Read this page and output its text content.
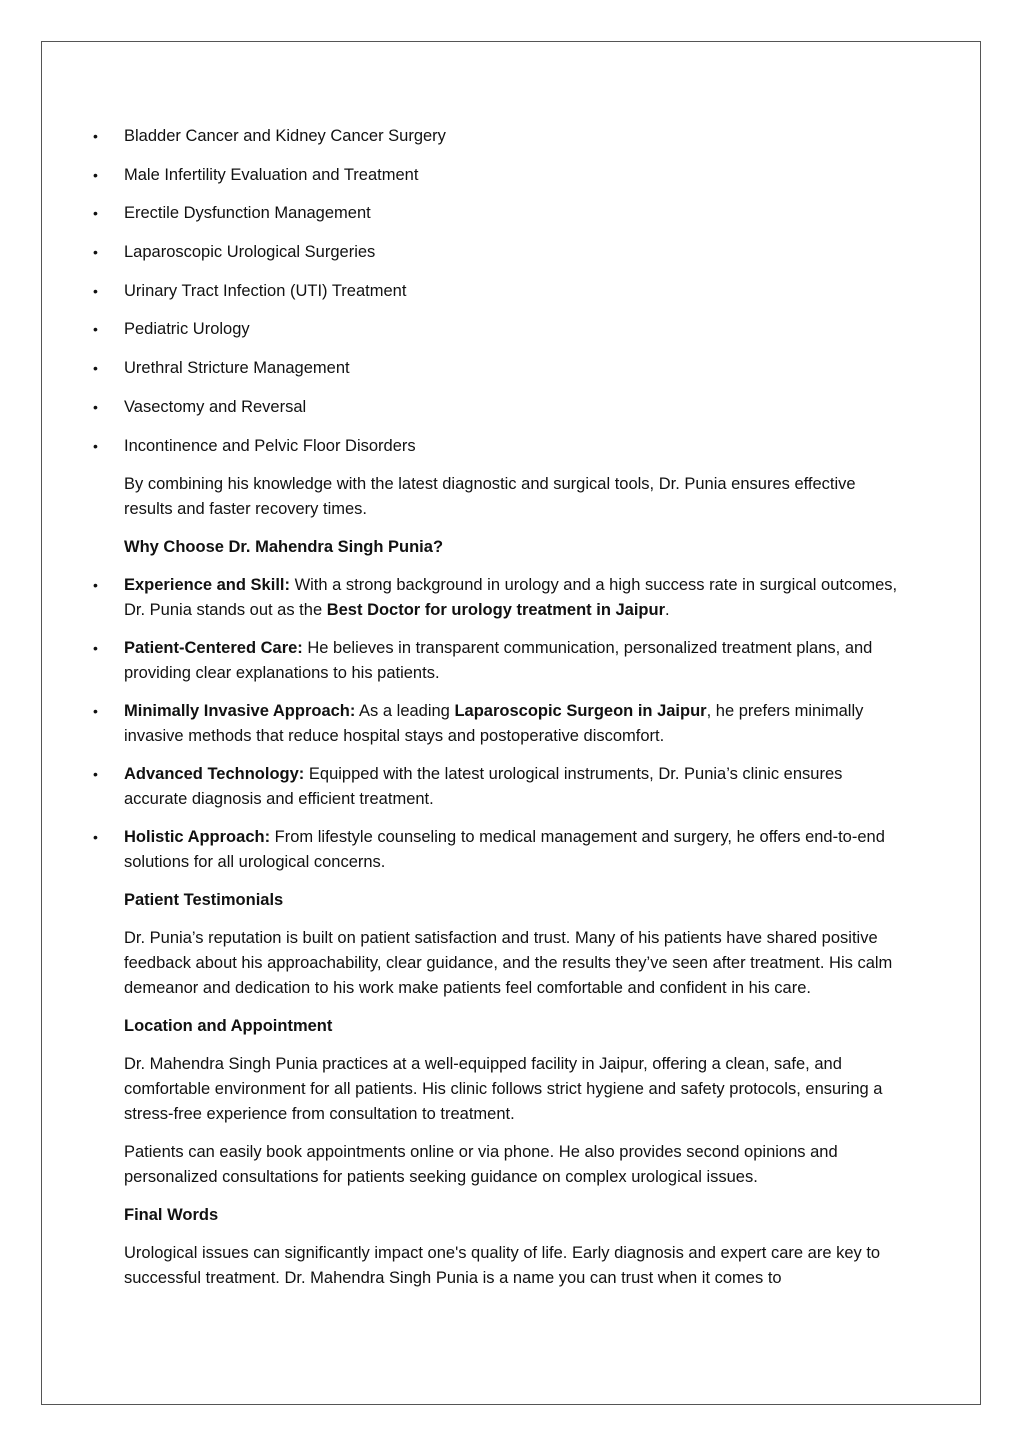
• Bladder Cancer and Kidney Cancer Surgery
• Male Infertility Evaluation and Treatment
• Erectile Dysfunction Management
• Laparoscopic Urological Surgeries
• Urinary Tract Infection (UTI) Treatment
• Pediatric Urology
• Urethral Stricture Management
• Vasectomy and Reversal
• Incontinence and Pelvic Floor Disorders

By combining his knowledge with the latest diagnostic and surgical tools, Dr. Punia ensures effective results and faster recovery times.

Why Choose Dr. Mahendra Singh Punia?

• Experience and Skill: With a strong background in urology and a high success rate in surgical outcomes, Dr. Punia stands out as the Best Doctor for urology treatment in Jaipur.
• Patient-Centered Care: He believes in transparent communication, personalized treatment plans, and providing clear explanations to his patients.
• Minimally Invasive Approach: As a leading Laparoscopic Surgeon in Jaipur, he prefers minimally invasive methods that reduce hospital stays and postoperative discomfort.
• Advanced Technology: Equipped with the latest urological instruments, Dr. Punia’s clinic ensures accurate diagnosis and efficient treatment.
• Holistic Approach: From lifestyle counseling to medical management and surgery, he offers end-to-end solutions for all urological concerns.

Patient Testimonials

Dr. Punia’s reputation is built on patient satisfaction and trust. Many of his patients have shared positive feedback about his approachability, clear guidance, and the results they’ve seen after treatment. His calm demeanor and dedication to his work make patients feel comfortable and confident in his care.

Location and Appointment

Dr. Mahendra Singh Punia practices at a well-equipped facility in Jaipur, offering a clean, safe, and comfortable environment for all patients. His clinic follows strict hygiene and safety protocols, ensuring a stress-free experience from consultation to treatment.

Patients can easily book appointments online or via phone. He also provides second opinions and personalized consultations for patients seeking guidance on complex urological issues.

Final Words

Urological issues can significantly impact one's quality of life. Early diagnosis and expert care are key to successful treatment. Dr. Mahendra Singh Punia is a name you can trust when it comes to
